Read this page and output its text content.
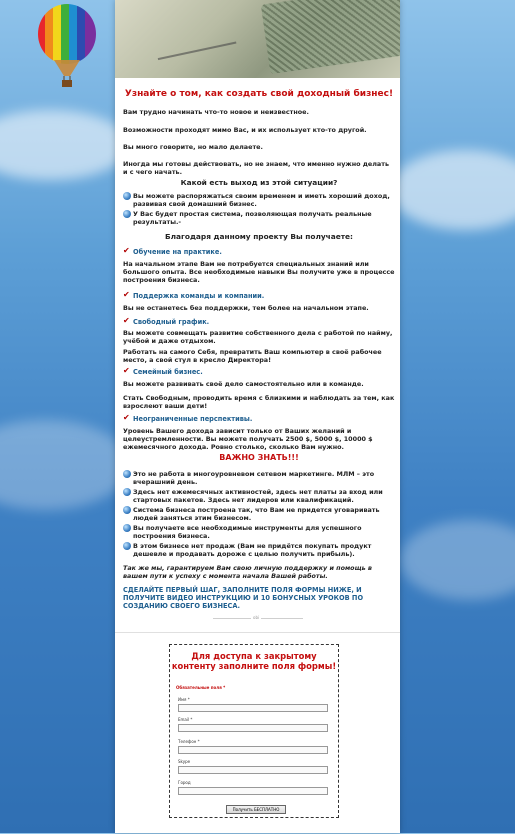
Узнайте о том, как создать свой доходный бизнес!
Вам трудно начинать что-то новое и неизвестное.
Возможности проходят мимо Вас, и их использует кто-то другой.
Вы много говорите, но мало делаете.
Иногда мы готовы действовать, но не знаем, что именно нужно делать и с чего начать.
Какой есть выход из этой ситуации?
Вы можете распоряжаться своим временем и иметь хороший доход, развивая свой домашний бизнес.
У Вас будет простая система, позволяющая получать реальные результаты.-
Благодаря данному проекту Вы получаете:
✔ Обучение на практике.
На начальном этапе Вам не потребуется специальных знаний или большого опыта. Все необходимые навыки Вы получите уже в процессе построения бизнеса.
✔ Поддержка команды и компании.
Вы не останетесь без поддержки, тем более на начальном этапе.
✔ Свободный график.
Вы можете совмещать развитие собственного дела с работой по найму, учёбой и даже отдыхом.
Работать на самого Себя, превратить Ваш компьютер в своё рабочее место, а свой стул в кресло Директора!
✔ Семейный бизнес.
Вы можете развивать своё дело самостоятельно или в команде.
Стать Свободным, проводить время с близкими и наблюдать за тем, как взрослеют ваши дети!
✔ Неограниченные перспективы.
Уровень Вашего дохода зависит только от Ваших желаний и целеустремленности. Вы можете получать 2500 $, 5000 $, 10000 $ ежемесячного дохода. Ровно столько, сколько Вам нужно.
ВАЖНО ЗНАТЬ!!!
Это не работа в многоуровневом сетевом маркетинге. МЛМ – это вчерашний день.
Здесь нет ежемесячных активностей, здесь нет платы за вход или стартовых пакетов. Здесь нет лидеров или квалификаций.
Система бизнеса построена так, что Вам не придется уговаривать людей заняться этим бизнесом.
Вы получаете все необходимые инструменты для успешного построения бизнеса.
В этом бизнесе нет продаж (Вам не придётся покупать продукт дешевле и продавать дороже с целью получить прибыль).
Так же мы, гарантируем Вам свою личную поддержку и помощь в вашем пути к успеху с момента начала Вашей работы.
СДЕЛАЙТЕ ПЕРВЫЙ ШАГ, ЗАПОЛНИТЕ ПОЛЯ ФОРМЫ НИЖЕ, И ПОЛУЧИТЕ ВИДЕО ИНСТРУКЦИЮ И 10 БОНУСНЫХ УРОКОВ ПО СОЗДАНИЮ СВОЕГО БИЗНЕСА.
obi
Для доступа к закрытому контенту заполните поля формы!
Обязательные поля *
Имя *
Email *
Телефон *
Skype
Город
Получить БЕСПЛАТНО
